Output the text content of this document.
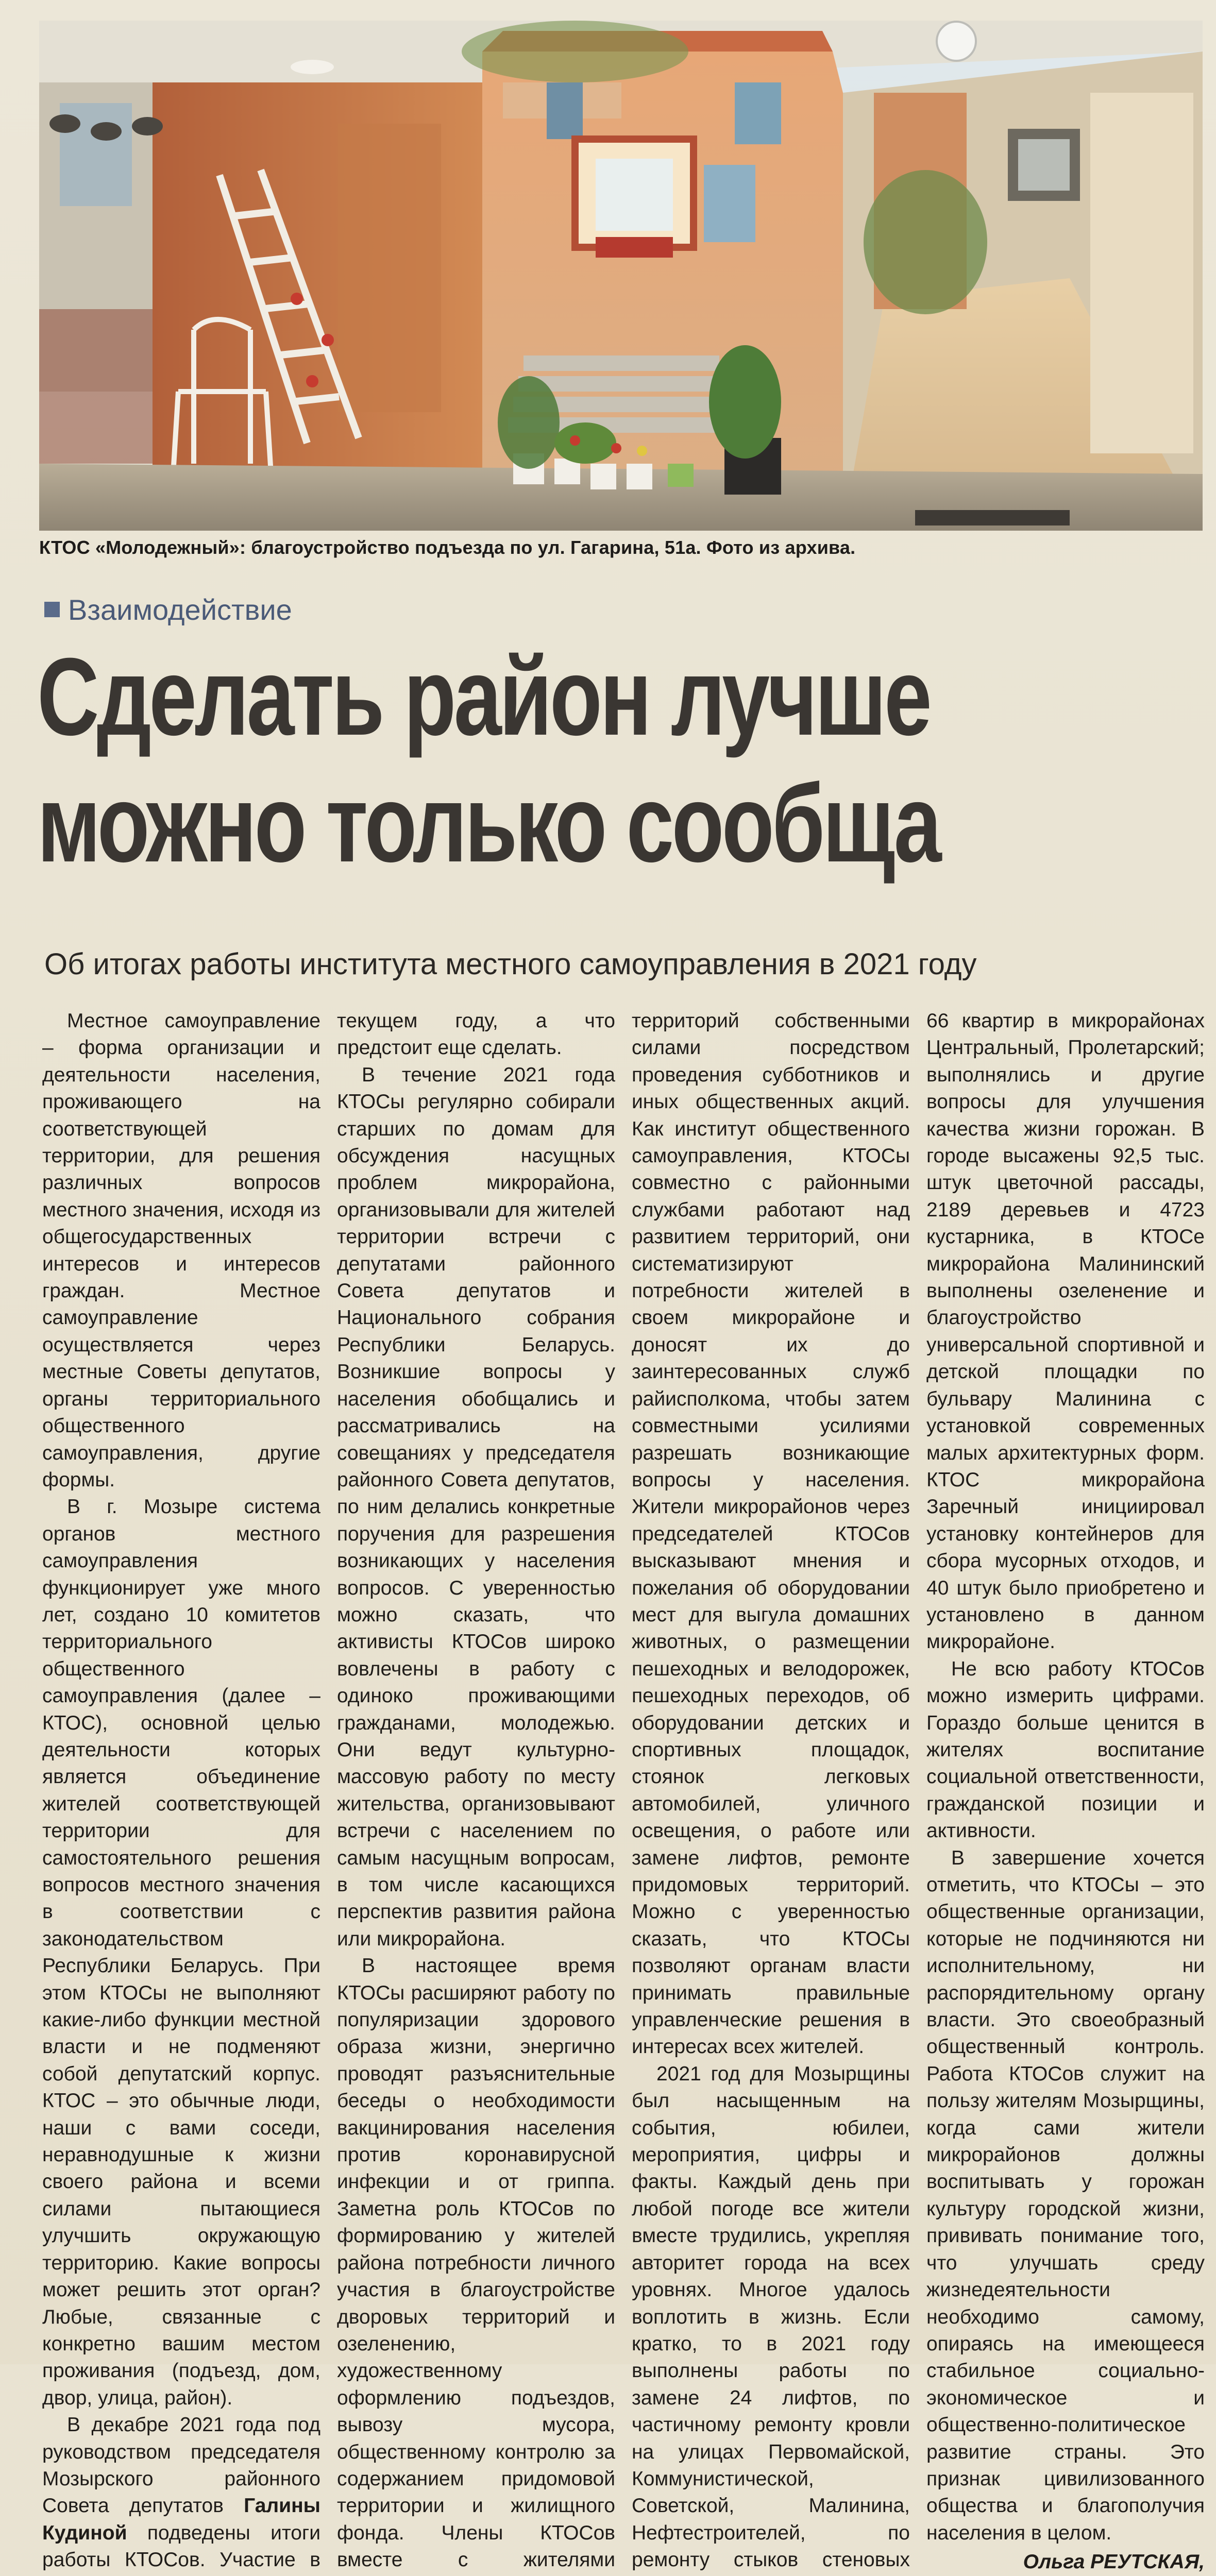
КТОС «Молодежный»: благоустройство подъезда по ул. Гагарина, 51а. Фото из архива.
Взаимодействие
Сделать район лучше
можно только сообща
Об итогах работы института местного самоуправления в 2021 году

Местное самоуправление – форма организации и деятельности населения, проживающего на соответствующей территории, для решения различных вопросов местного значения, исходя из общегосударственных интересов и интересов граждан. Местное самоуправление осуществляется через местные Советы депутатов, органы территориального общественного самоуправления, другие формы.

В г. Мозыре система органов местного самоуправления функционирует уже много лет, создано 10 комитетов территориального общественного самоуправления (далее – КТОС), основной целью деятельности которых является объединение жителей соответствующей территории для самостоятельного решения вопросов местного значения в соответствии с законодательством Республики Беларусь. При этом КТОСы не выполняют какие-либо функции местной власти и не подменяют собой депутатский корпус. КТОС – это обычные люди, наши с вами соседи, неравнодушные к жизни своего района и всеми силами пытающиеся улучшить окружающую территорию. Какие вопросы может решить этот орган? Любые, связанные с конкретно вашим местом проживания (подъезд, дом, двор, улица, район).

В декабре 2021 года под руководством председателя Мозырского районного Совета депутатов Галины Кудиной подведены итоги работы КТОСов. Участие в

текущем году, а что предстоит еще сделать.

В течение 2021 года КТОСы регулярно собирали старших по домам для обсуждения насущных проблем микрорайона, организовывали для жителей территории встречи с депутатами районного Совета депутатов и Национального собрания Республики Беларусь. Возникшие вопросы у населения обобщались и рассматривались на совещаниях у председателя районного Совета депутатов, по ним делались конкретные поручения для разрешения возникающих у населения вопросов. С уверенностью можно сказать, что активисты КТОСов широко вовлечены в работу с одиноко проживающими гражданами, молодежью. Они ведут культурно-массовую работу по месту жительства, организовывают встречи с населением по самым насущным вопросам, в том числе касающихся перспектив развития района или микрорайона.

В настоящее время КТОСы расширяют работу по популяризации здорового образа жизни, энергично проводят разъяснительные беседы о необходимости вакцинирования населения против коронавирусной инфекции и от гриппа. Заметна роль КТОСов по формированию у жителей района потребности личного участия в благоустройстве дворовых территорий и озеленению, художественному оформлению подъездов, вывозу мусора, общественному контролю за содержанием придомовой территории и жилищного фонда. Члены КТОСов вместе с жителями

территорий собственными силами посредством проведения субботников и иных общественных акций. Как институт общественного самоуправления, КТОСы совместно с районными службами работают над развитием территорий, они систематизируют потребности жителей в своем микрорайоне и доносят их до заинтересованных служб райисполкома, чтобы затем совместными усилиями разрешать возникающие вопросы у населения. Жители микрорайонов через председателей КТОСов высказывают мнения и пожелания об оборудовании мест для выгула домашних животных, о размещении пешеходных и велодорожек, пешеходных переходов, об оборудовании детских и спортивных площадок, стоянок легковых автомобилей, уличного освещения, о работе или замене лифтов, ремонте придомовых территорий. Можно с уверенностью сказать, что КТОСы позволяют органам власти принимать правильные управленческие решения в интересах всех жителей.

2021 год для Мозырщины был насыщенным на события, юбилеи, мероприятия, цифры и факты. Каждый день при любой погоде все жители вместе трудились, укрепляя авторитет города на всех уровнях. Многое удалось воплотить в жизнь. Если кратко, то в 2021 году выполнены работы по замене 24 лифтов, по частичному ремонту кровли на улицах Первомайской, Коммунистической, Советской, Малинина, Нефтестроителей, по ремонту стыков стеновых

66 квартир в микрорайонах Центральный, Пролетарский; выполнялись и другие вопросы для улучшения качества жизни горожан. В городе высажены 92,5 тыс. штук цветочной рассады, 2189 деревьев и 4723 кустарника, в КТОСе микрорайона Малининский выполнены озеленение и благоустройство универсальной спортивной и детской площадки по бульвару Малинина с установкой современных малых архитектурных форм. КТОС микрорайона Заречный инициировал установку контейнеров для сбора мусорных отходов, и 40 штук было приобретено и установлено в данном микрорайоне.

Не всю работу КТОСов можно измерить цифрами. Гораздо больше ценится в жителях воспитание социальной ответственности, гражданской позиции и активности.

В завершение хочется отметить, что КТОСы – это общественные организации, которые не подчиняются ни исполнительному, ни распорядительному органу власти. Это своеобразный общественный контроль. Работа КТОСов служит на пользу жителям Мозырщины, когда сами жители микрорайонов должны воспитывать у горожан культуру городской жизни, прививать понимание того, что улучшать среду жизнедеятельности необходимо самому, опираясь на имеющееся стабильное социально-экономическое и общественно-политическое развитие страны. Это признак цивилизованного общества и благополучия населения в целом.

Ольга РЕУТСКАЯ,
